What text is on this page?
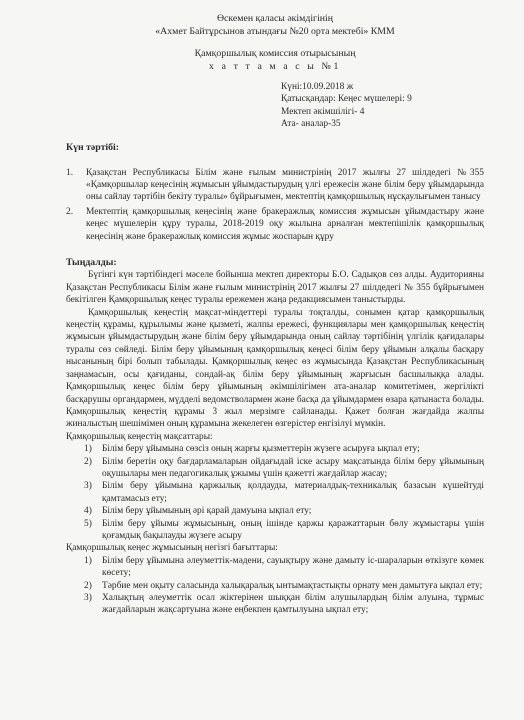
Өскемен қаласы әкімдігінің
«Ахмет Байтұрсынов атындағы №20 орта мектебі» КММ
Қамқоршылық комиссия отырысының
х а т т а м а с ы №1
Күні:10.09.2018 ж
Қатысқандар: Кеңес мүшелері: 9
Мектеп әкімшілігі- 4
Ата- аналар-35

Күн тәртібі:

1. Қазақстан Республикасы Білім және ғылым министрінің 2017 жылғы 27 шілдедегі №355 «Қамқоршылар кеңесінің жұмысын ұйымдастырудың үлгі ережесін және білім беру ұйымдарында оны сайлау тәртібін бекіту туралы» бұйрығымен, мектептің қамқоршылық нұсқаулығымен танысу
2. Мектептің қамқоршылық кеңесінің және бракеражлық комиссия жұмысын ұйымдастыру және кеңес мүшелерін құру туралы, 2018-2019 оқу жылына арналған мектепішілік қамқоршылық кеңесінің және бракеражлық комиссия жұмыс жоспарын құру

Тыңдалды:

Бүгінгі күн тәртібіндегі мәселе бойынша мектеп директоры Б.О. Садықов сөз алды. Аудиторияны Қазақстан Республикасы Білім және ғылым министрінің 2017 жылғы 27 шілдедегі № 355 бұйрығымен бекітілген Қамқоршылық кеңес туралы ережемен жаңа редакциясымен таныстырды.

Қамқоршылық кеңестің мақсат-міндеттері туралы тоқталды, сонымен қатар қамқоршылық кеңестің құрамы, құрылымы және қызметі, жалпы ережесі, функциялары мен қамқоршылық кеңестің жұмысын ұйымдастырудың және білім беру ұйымдарында оның сайлау тәртібінің үлгілік қағидалары туралы сөз сөйледі. Білім беру ұйымының қамқоршылық кеңесі білім беру ұйымын алқалы басқару нысанының бірі болып табылады. Қамқоршылық кеңес өз жұмысында Қазақстан Республикасының заңнамасын, осы қағиданы, сондай-ақ білім беру ұйымының жарғысын басшылыққа алады. Қамқоршылық кеңес білім беру ұйымының әкімшілігімен ата-аналар комитетімен, жергілікті басқарушы органдармен, мүдделі ведомстволармен және басқа да ұйымдармен өзара қатынаста болады. Қамқоршылық кеңестің құрамы 3 жыл мерзімге сайланады. Қажет болған жағдайда жалпы жиналыстың шешімімен оның құрамына жекелеген өзгерістер енгізілуі мүмкін.

Қамқоршылық кеңестің мақсаттары:
1) Білім беру ұйымына сөзсіз оның жарғы қызметтерін жүзеге асыруға ықпал ету;
2) Білім беретін оқу бағдарламаларын ойдағыдай іске асыру мақсатында білім беру ұйымының оқушылары мен педагогикалық ұжымы үшін қажетті жағдайлар жасау;
3) Білім беру ұйымына қаржылық қолдауды, материалдық-техникалық базасын күшейтуді қамтамасыз ету;
4) Білім беру ұйымының әрі қарай дамуына ықпал ету;
5) Білім беру ұйымы жұмысының, оның ішінде қаржы қаражаттарын бөлу жұмыстары үшін қоғамдық бақылауды жүзеге асыру
Қамқоршылық кеңес жұмысының негізгі бағыттары:
1) Білім беру ұйымына әлеуметтік-мәдени, сауықтыру және дамыту іс-шараларын өткізуге көмек көсету;
2) Тәрбие мен оқыту саласында халықаралық ынтымақтастықты орнату мен дамытуға ықпал ету;
3) Халықтың әлеуметтік осал жіктерінен шыққан білім алушылардың білім алуына, тұрмыс жағдайларын жақсартуына және еңбекпен қамтылуына ықпал ету;
